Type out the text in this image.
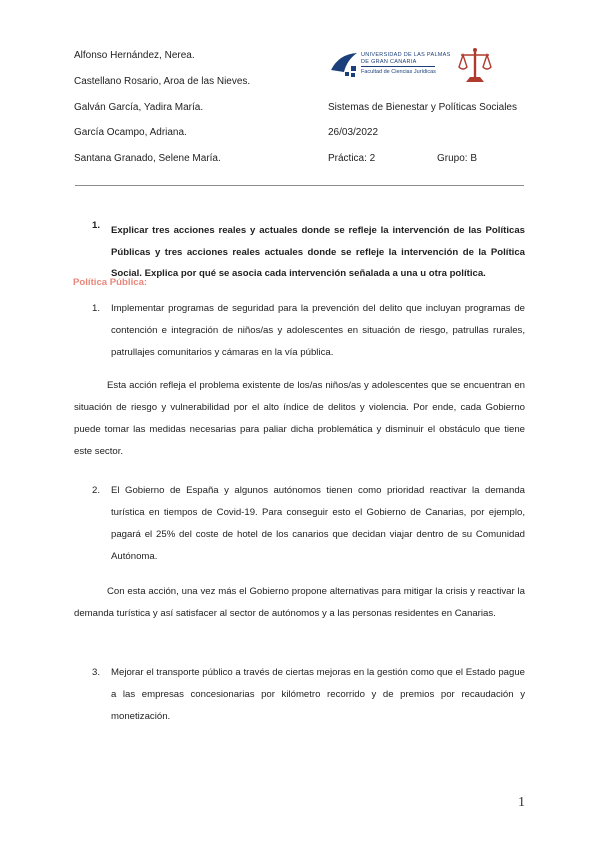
Alfonso Hernández, Nerea.
Castellano Rosario, Aroa de las Nieves.
Galván García, Yadira María.
García Ocampo, Adriana.
Santana Granado, Selene María.
UNIVERSIDAD DE LAS PALMAS
DE GRAN CANARIA
Facultad de Ciencias Jurídicas
Sistemas de Bienestar y Políticas Sociales
26/03/2022
Práctica: 2	Grupo: B
1. Explicar tres acciones reales y actuales donde se refleje la intervención de las Políticas Públicas y tres acciones reales actuales donde se refleje la intervención de la Política Social. Explica por qué se asocia cada intervención señalada a una u otra política.
Política Pública:
1. Implementar programas de seguridad para la prevención del delito que incluyan programas de contención e integración de niños/as y adolescentes en situación de riesgo, patrullas rurales, patrullajes comunitarios y cámaras en la vía pública.
Esta acción refleja el problema existente de los/as niños/as y adolescentes que se encuentran en situación de riesgo y vulnerabilidad por el alto índice de delitos y violencia. Por ende, cada Gobierno puede tomar las medidas necesarias para paliar dicha problemática y disminuir el obstáculo que tiene este sector.
2. El Gobierno de España y algunos autónomos tienen como prioridad reactivar la demanda turística en tiempos de Covid-19. Para conseguir esto el Gobierno de Canarias, por ejemplo, pagará el 25% del coste de hotel de los canarios que decidan viajar dentro de su Comunidad Autónoma.
Con esta acción, una vez más el Gobierno propone alternativas para mitigar la crisis y reactivar la demanda turística y así satisfacer al sector de autónomos y a las personas residentes en Canarias.
3. Mejorar el transporte público a través de ciertas mejoras en la gestión como que el Estado pague a las empresas concesionarias por kilómetro recorrido y de premios por recaudación y monetización.
1
